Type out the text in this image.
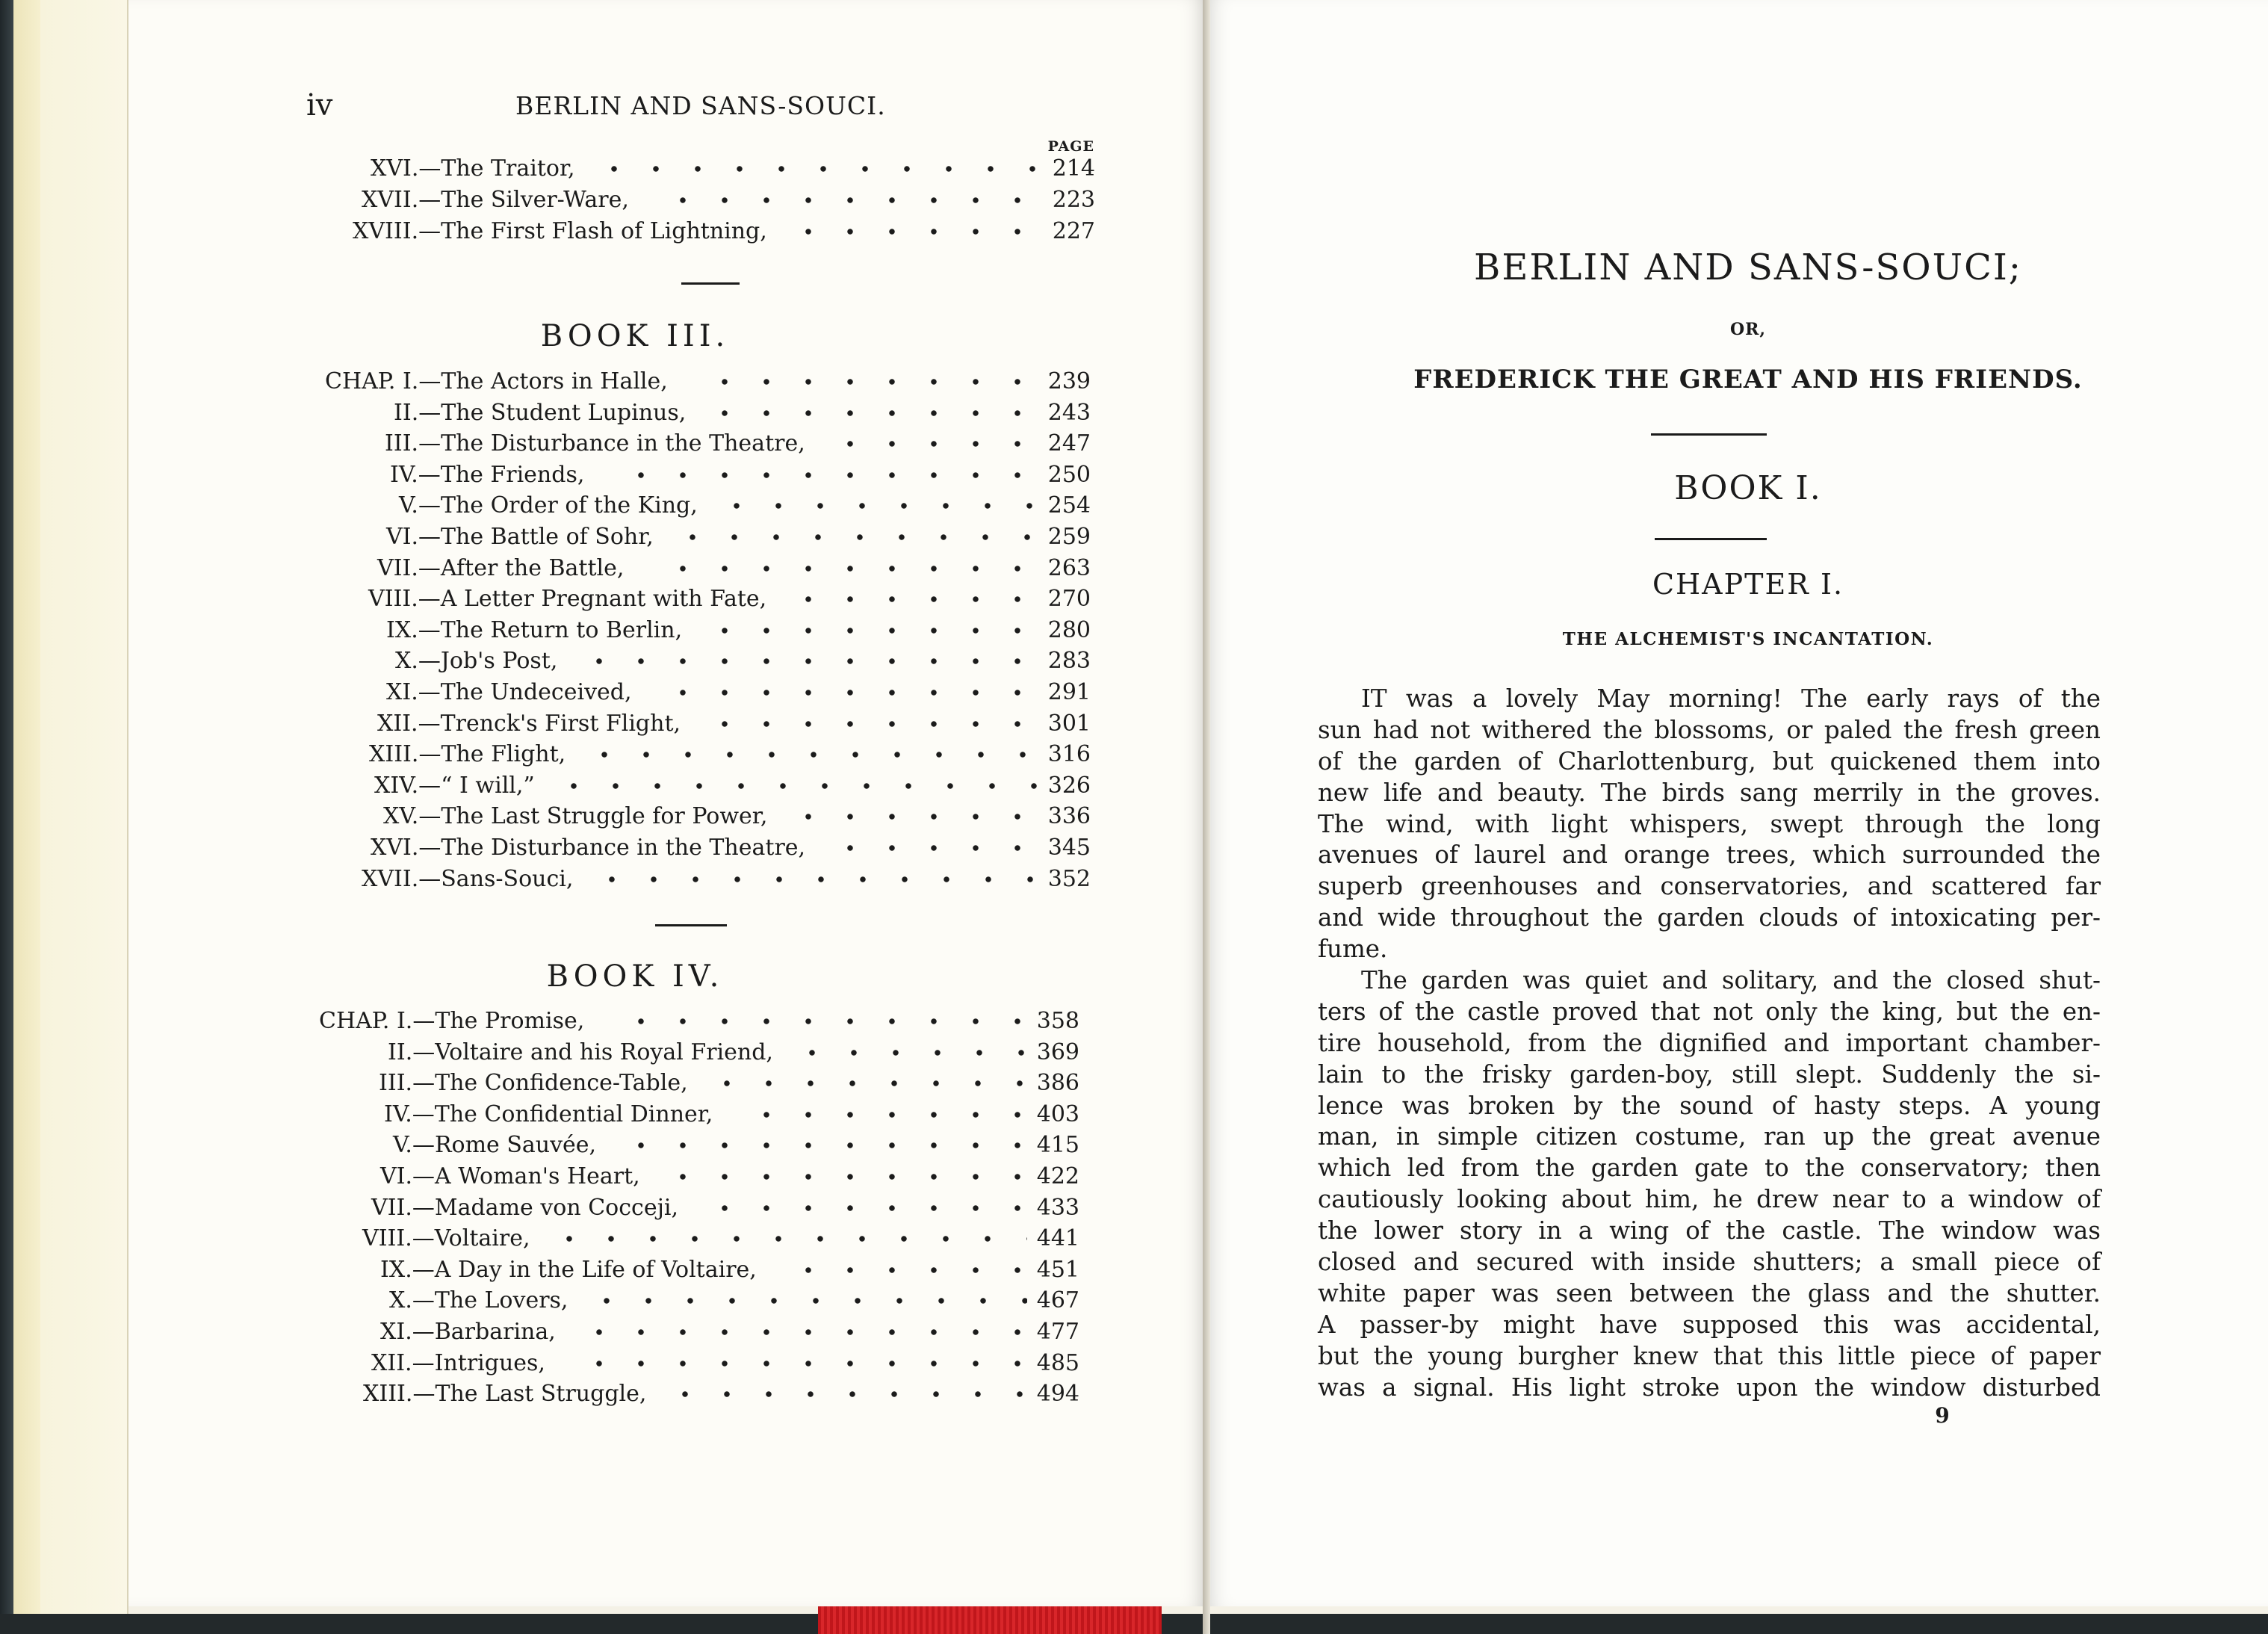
iv	BERLIN AND SANS-SOUCI.
PAGE
XVI.—The Traitor,	214
XVII.—The Silver-Ware,	223
XVIII.—The First Flash of Lightning,	227
BOOK III.
CHAP. I.—The Actors in Halle,	239
II.—The Student Lupinus,	243
III.—The Disturbance in the Theatre,	247
IV.—The Friends,	250
V.—The Order of the King,	254
VI.—The Battle of Sohr,	259
VII.—After the Battle,	263
VIII.—A Letter Pregnant with Fate,	270
IX.—The Return to Berlin,	280
X.—Job's Post,	283
XI.—The Undeceived,	291
XII.—Trenck's First Flight,	301
XIII.—The Flight,	316
XIV.—“ I will,”	326
XV.—The Last Struggle for Power,	336
XVI.—The Disturbance in the Theatre,	345
XVII.—Sans-Souci,	352
BOOK IV.
CHAP. I.—The Promise,	358
II.—Voltaire and his Royal Friend,	369
III.—The Confidence-Table,	386
IV.—The Confidential Dinner,	403
V.—Rome Sauvée,	415
VI.—A Woman's Heart,	422
VII.—Madame von Cocceji,	433
VIII.—Voltaire,	441
IX.—A Day in the Life of Voltaire,	451
X.—The Lovers,	467
XI.—Barbarina,	477
XII.—Intrigues,	485
XIII.—The Last Struggle,	494
BERLIN AND SANS-SOUCI;
OR,
FREDERICK THE GREAT AND HIS FRIENDS.
BOOK I.
CHAPTER I.
THE ALCHEMIST'S INCANTATION.
IT was a lovely May morning! The early rays of the
sun had not withered the blossoms, or paled the fresh green
of the garden of Charlottenburg, but quickened them into
new life and beauty. The birds sang merrily in the groves.
The wind, with light whispers, swept through the long
avenues of laurel and orange trees, which surrounded the
superb greenhouses and conservatories, and scattered far
and wide throughout the garden clouds of intoxicating per-
fume.
The garden was quiet and solitary, and the closed shut-
ters of the castle proved that not only the king, but the en-
tire household, from the dignified and important chamber-
lain to the frisky garden-boy, still slept. Suddenly the si-
lence was broken by the sound of hasty steps. A young
man, in simple citizen costume, ran up the great avenue
which led from the garden gate to the conservatory; then
cautiously looking about him, he drew near to a window of
the lower story in a wing of the castle. The window was
closed and secured with inside shutters; a small piece of
white paper was seen between the glass and the shutter.
A passer-by might have supposed this was accidental,
but the young burgher knew that this little piece of paper
was a signal. His light stroke upon the window disturbed
9
